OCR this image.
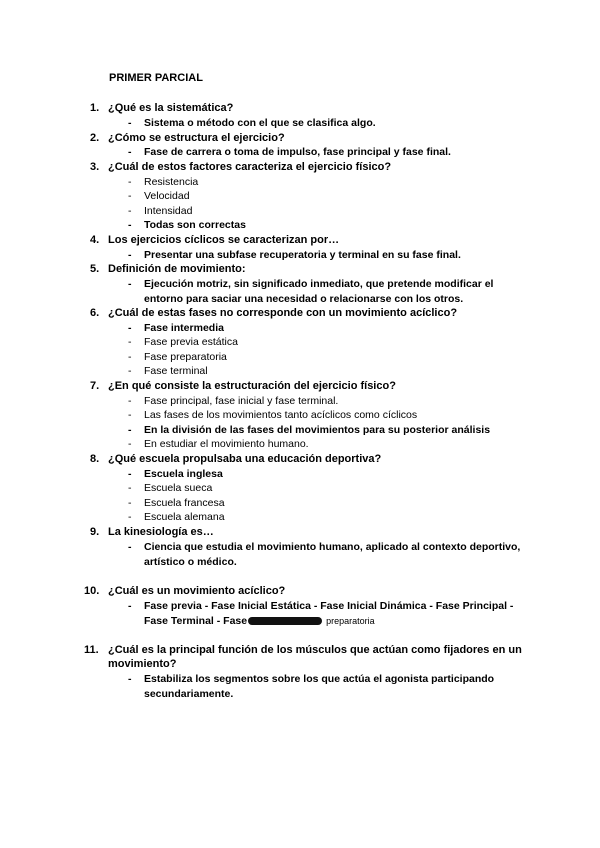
PRIMER PARCIAL
1. ¿Qué es la sistemática?
- Sistema o método con el que se clasifica algo.
2. ¿Cómo se estructura el ejercicio?
- Fase de carrera o toma de impulso, fase principal y fase final.
3. ¿Cuál de estos factores caracteriza el ejercicio físico?
- Resistencia
- Velocidad
- Intensidad
- Todas son correctas
4. Los ejercicios cíclicos se caracterizan por…
- Presentar una subfase recuperatoria y terminal en su fase final.
5. Definición de movimiento:
- Ejecución motriz, sin significado inmediato, que pretende modificar el entorno para saciar una necesidad o relacionarse con los otros.
6. ¿Cuál de estas fases no corresponde con un movimiento acíclico?
- Fase intermedia
- Fase previa estática
- Fase preparatoria
- Fase terminal
7. ¿En qué consiste la estructuración del ejercicio físico?
- Fase principal, fase inicial y fase terminal.
- Las fases de los movimientos tanto acíclicos como cíclicos
- En la división de las fases del movimientos para su posterior análisis
- En estudiar el movimiento humano.
8. ¿Qué escuela propulsaba una educación deportiva?
- Escuela inglesa
- Escuela sueca
- Escuela francesa
- Escuela alemana
9. La kinesiología es…
- Ciencia que estudia el movimiento humano, aplicado al contexto deportivo, artístico o médico.
10. ¿Cuál es un movimiento acíclico?
- Fase previa - Fase Inicial Estática - Fase Inicial Dinámica - Fase Principal - Fase Terminal - Fase	preparatoria
11. ¿Cuál es la principal función de los músculos que actúan como fijadores en un movimiento?
- Estabiliza los segmentos sobre los que actúa el agonista participando secundariamente.
